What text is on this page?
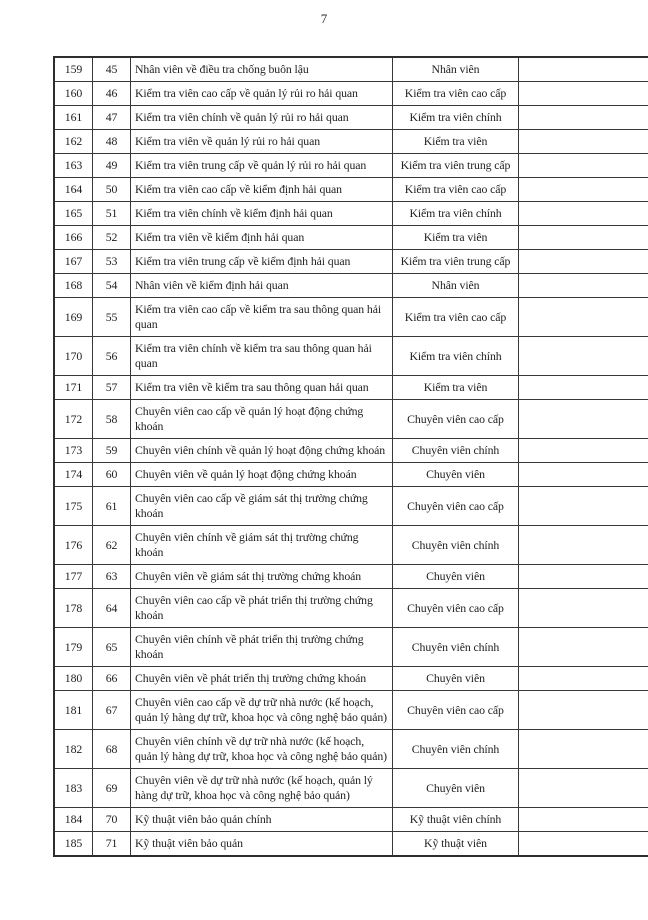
7
159	45	Nhân viên về điều tra chống buôn lậu	Nhân viên	
160	46	Kiểm tra viên cao cấp về quản lý rủi ro hải quan	Kiểm tra viên cao cấp	
161	47	Kiểm tra viên chính về quản lý rủi ro hải quan	Kiểm tra viên chính	
162	48	Kiểm tra viên về quản lý rủi ro hải quan	Kiểm tra viên	
163	49	Kiểm tra viên trung cấp về quản lý rủi ro hải quan	Kiểm tra viên trung cấp	
164	50	Kiểm tra viên cao cấp về kiểm định hải quan	Kiểm tra viên cao cấp	
165	51	Kiểm tra viên chính về kiểm định hải quan	Kiểm tra viên chính	
166	52	Kiểm tra viên về kiểm định hải quan	Kiểm tra viên	
167	53	Kiểm tra viên trung cấp về kiểm định hải quan	Kiểm tra viên trung cấp	
168	54	Nhân viên về kiểm định hải quan	Nhân viên	
169	55	Kiểm tra viên cao cấp về kiểm tra sau thông quan hải quan	Kiểm tra viên cao cấp	
170	56	Kiểm tra viên chính về kiểm tra sau thông quan hải quan	Kiểm tra viên chính	
171	57	Kiểm tra viên về kiểm tra sau thông quan hải quan	Kiểm tra viên	
172	58	Chuyên viên cao cấp về quản lý hoạt động chứng khoán	Chuyên viên cao cấp	
173	59	Chuyên viên chính về quản lý hoạt động chứng khoán	Chuyên viên chính	
174	60	Chuyên viên về quản lý hoạt động chứng khoán	Chuyên viên	
175	61	Chuyên viên cao cấp về giám sát thị trường chứng khoán	Chuyên viên cao cấp	
176	62	Chuyên viên chính về giám sát thị trường chứng khoán	Chuyên viên chính	
177	63	Chuyên viên về giám sát thị trường chứng khoán	Chuyên viên	
178	64	Chuyên viên cao cấp về phát triển thị trường chứng khoán	Chuyên viên cao cấp	
179	65	Chuyên viên chính về phát triển thị trường chứng khoán	Chuyên viên chính	
180	66	Chuyên viên về phát triển thị trường chứng khoán	Chuyên viên	
181	67	Chuyên viên cao cấp về dự trữ nhà nước (kế hoạch, quản lý hàng dự trữ, khoa học và công nghệ bảo quản)	Chuyên viên cao cấp	
182	68	Chuyên viên chính về dự trữ nhà nước (kế hoạch, quản lý hàng dự trữ, khoa học và công nghệ bảo quản)	Chuyên viên chính	
183	69	Chuyên viên về dự trữ nhà nước (kế hoạch, quản lý hàng dự trữ, khoa học và công nghệ bảo quản)	Chuyên viên	
184	70	Kỹ thuật viên bảo quản chính	Kỹ thuật viên chính	
185	71	Kỹ thuật viên bảo quản	Kỹ thuật viên	
